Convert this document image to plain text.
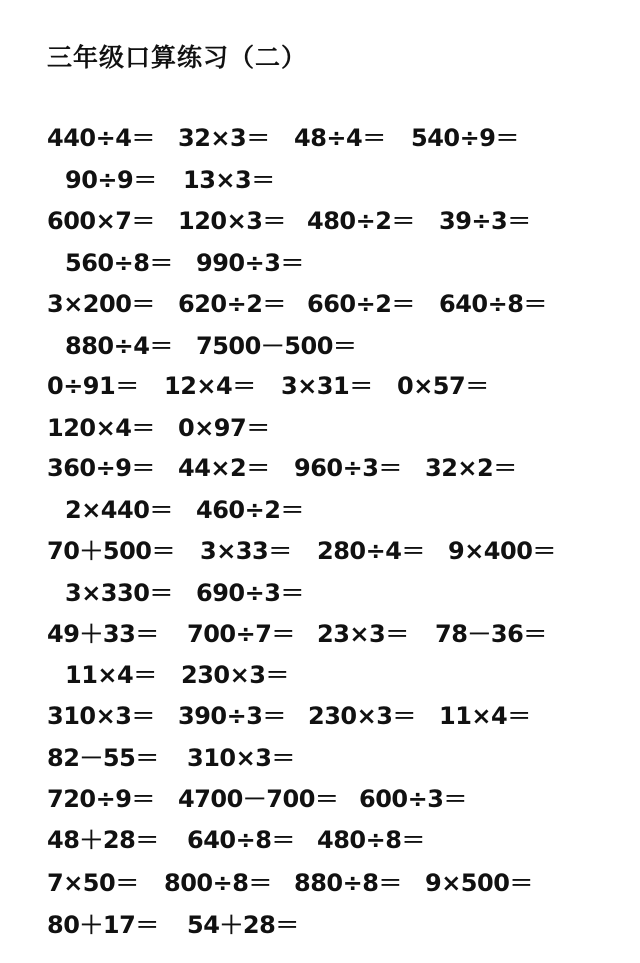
三年级口算练习（二）
440÷4＝ 32×3＝ 48÷4＝ 540÷9＝
90÷9＝ 13×3＝
600×7＝ 120×3＝ 480÷2＝ 39÷3＝
560÷8＝ 990÷3＝
3×200＝ 620÷2＝ 660÷2＝ 640÷8＝
880÷4＝ 7500－500＝
0÷91＝ 12×4＝ 3×31＝ 0×57＝
120×4＝ 0×97＝
360÷9＝ 44×2＝ 960÷3＝ 32×2＝
2×440＝ 460÷2＝
70＋500＝ 3×33＝ 280÷4＝ 9×400＝
3×330＝ 690÷3＝
49＋33＝ 700÷7＝ 23×3＝ 78－36＝
11×4＝ 230×3＝
310×3＝ 390÷3＝ 230×3＝ 11×4＝
82－55＝ 310×3＝
720÷9＝ 4700－700＝ 600÷3＝
48＋28＝ 640÷8＝ 480÷8＝
7×50＝ 800÷8＝ 880÷8＝ 9×500＝
80＋17＝ 54＋28＝
